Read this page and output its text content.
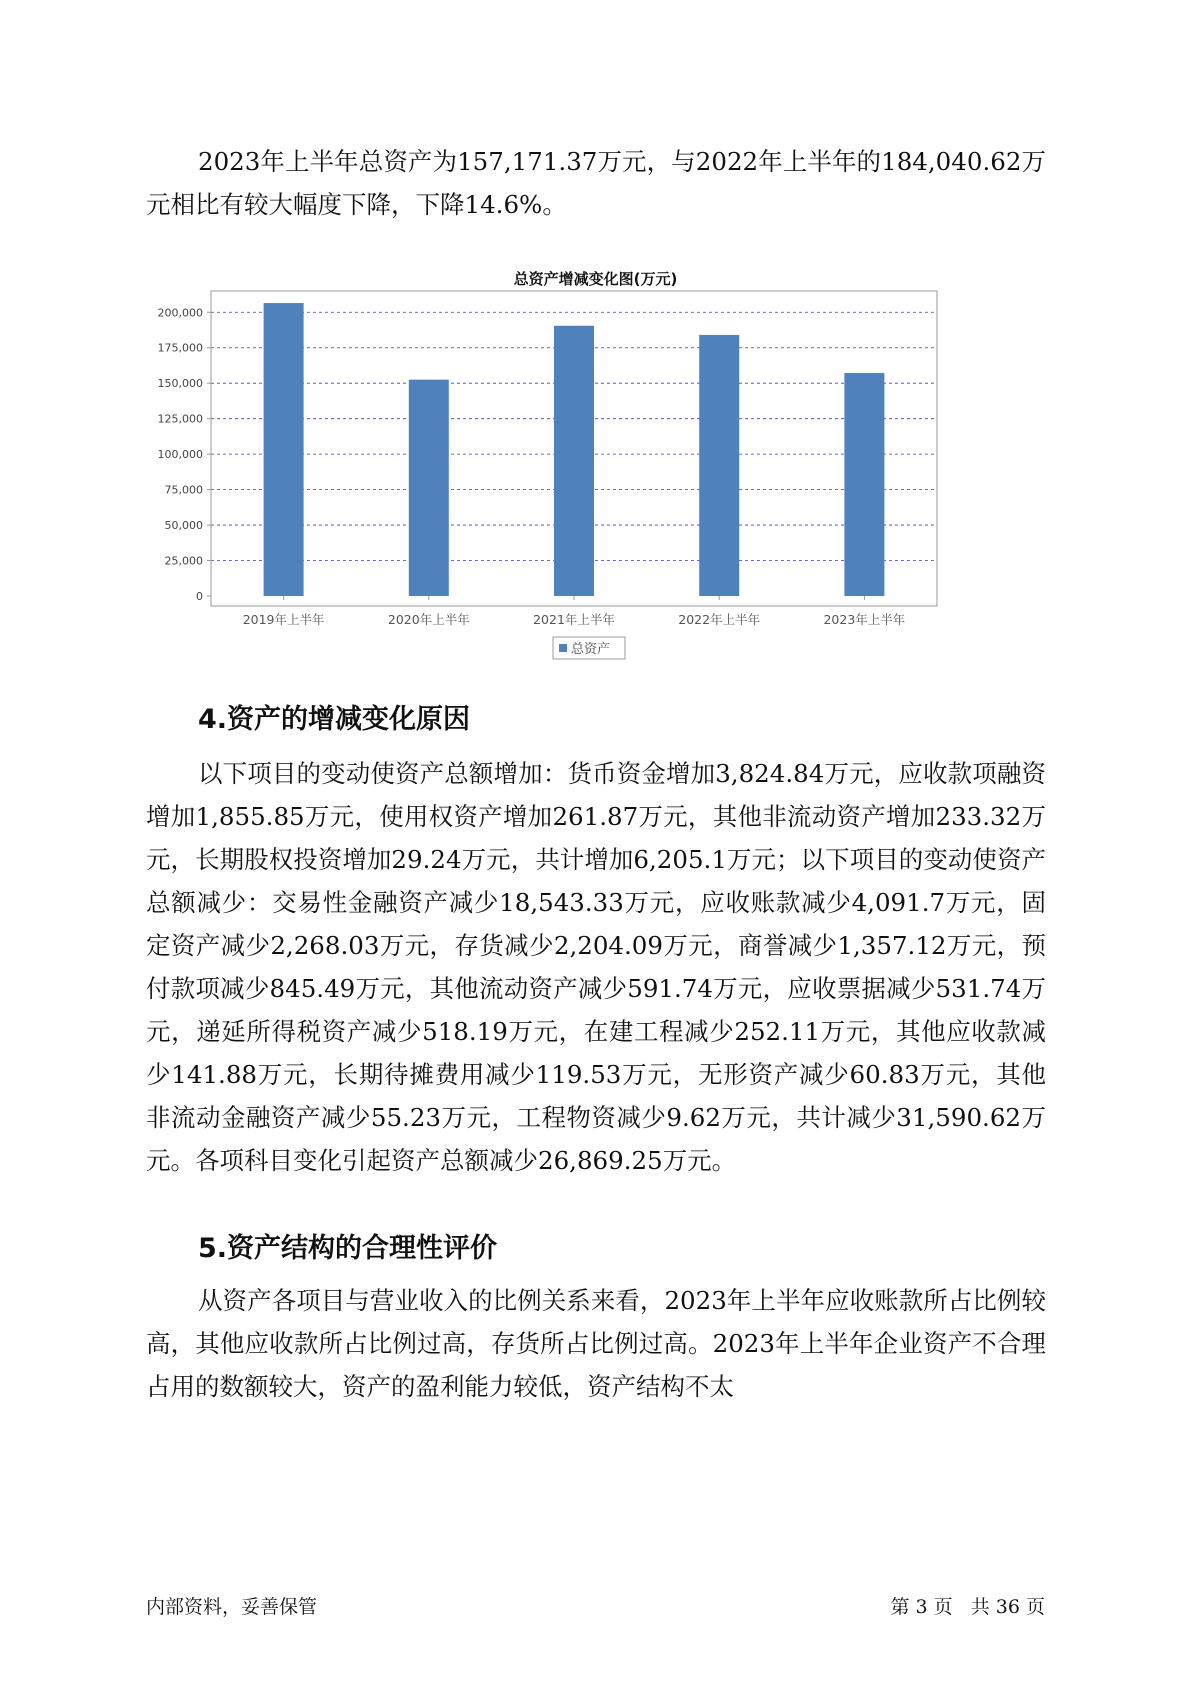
2023年上半年总资产为157,171.37万元，与2022年上半年的184,040.62万元相比有较大幅度下降，下降14.6%。

总资产增减变化图(万元)
0
25,000
50,000
75,000
100,000
125,000
150,000
175,000
200,000
2019年上半年	2020年上半年	2021年上半年	2022年上半年	2023年上半年
总资产
4.资产的增减变化原因

以下项目的变动使资产总额增加：货币资金增加3,824.84万元，应收款项融资增加1,855.85万元，使用权资产增加261.87万元，其他非流动资产增加233.32万元，长期股权投资增加29.24万元，共计增加6,205.1万元；以下项目的变动使资产总额减少：交易性金融资产减少18,543.33万元，应收账款减少4,091.7万元，固定资产减少2,268.03万元，存货减少2,204.09万元，商誉减少1,357.12万元，预付款项减少845.49万元，其他流动资产减少591.74万元，应收票据减少531.74万元，递延所得税资产减少518.19万元，在建工程减少252.11万元，其他应收款减少141.88万元，长期待摊费用减少119.53万元，无形资产减少60.83万元，其他非流动金融资产减少55.23万元，工程物资减少9.62万元，共计减少31,590.62万元。各项科目变化引起资产总额减少26,869.25万元。

5.资产结构的合理性评价

从资产各项目与营业收入的比例关系来看，2023年上半年应收账款所占比例较高，其他应收款所占比例过高，存货所占比例过高。2023年上半年企业资产不合理占用的数额较大，资产的盈利能力较低，资产结构不太

内部资料，妥善保管	第 3 页   共 36 页
